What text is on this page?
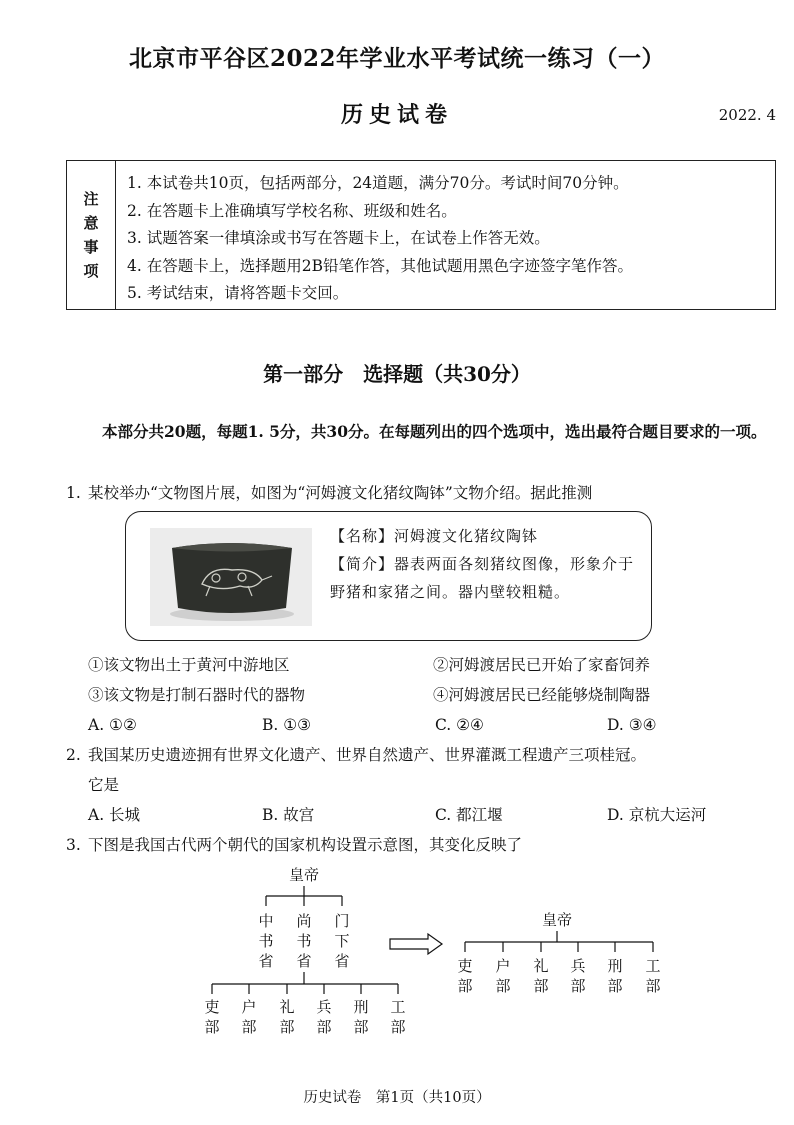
北京市平谷区2022年学业水平考试统一练习（一）
历史试卷	2022. 4
注
意
事
项
1. 本试卷共10页，包括两部分，24道题，满分70分。考试时间70分钟。
2. 在答题卡上准确填写学校名称、班级和姓名。
3. 试题答案一律填涂或书写在答题卡上，在试卷上作答无效。
4. 在答题卡上，选择题用2B铅笔作答，其他试题用黑色字迹签字笔作答。
5. 考试结束，请将答题卡交回。
第一部分　选择题（共30分）
本部分共20题，每题1. 5分，共30分。在每题列出的四个选项中，选出最符合题目要求的一项。
1. 某校举办“文物图片展，如图为“河姆渡文化猪纹陶钵”文物介绍。据此推测
【名称】河姆渡文化猪纹陶钵
【简介】器表两面各刻猪纹图像，形象介于野猪和家猪之间。器内壁较粗糙。
①该文物出土于黄河中游地区	②河姆渡居民已开始了家畜饲养
③该文物是打制石器时代的器物	④河姆渡居民已经能够烧制陶器
A. ①②	B. ①③	C. ②④	D. ③④
2. 我国某历史遗迹拥有世界文化遗产、世界自然遗产、世界灌溉工程遗产三项桂冠。
它是
A. 长城	B. 故宫	C. 都江堰	D. 京杭大运河
3. 下图是我国古代两个朝代的国家机构设置示意图，其变化反映了
皇帝
中
书
省
尚
书
省
门
下
省
吏
部
户
部
礼
部
兵
部
刑
部
工
部
皇帝
吏
部
户
部
礼
部
兵
部
刑
部
工
部
历史试卷　第1页（共10页）
